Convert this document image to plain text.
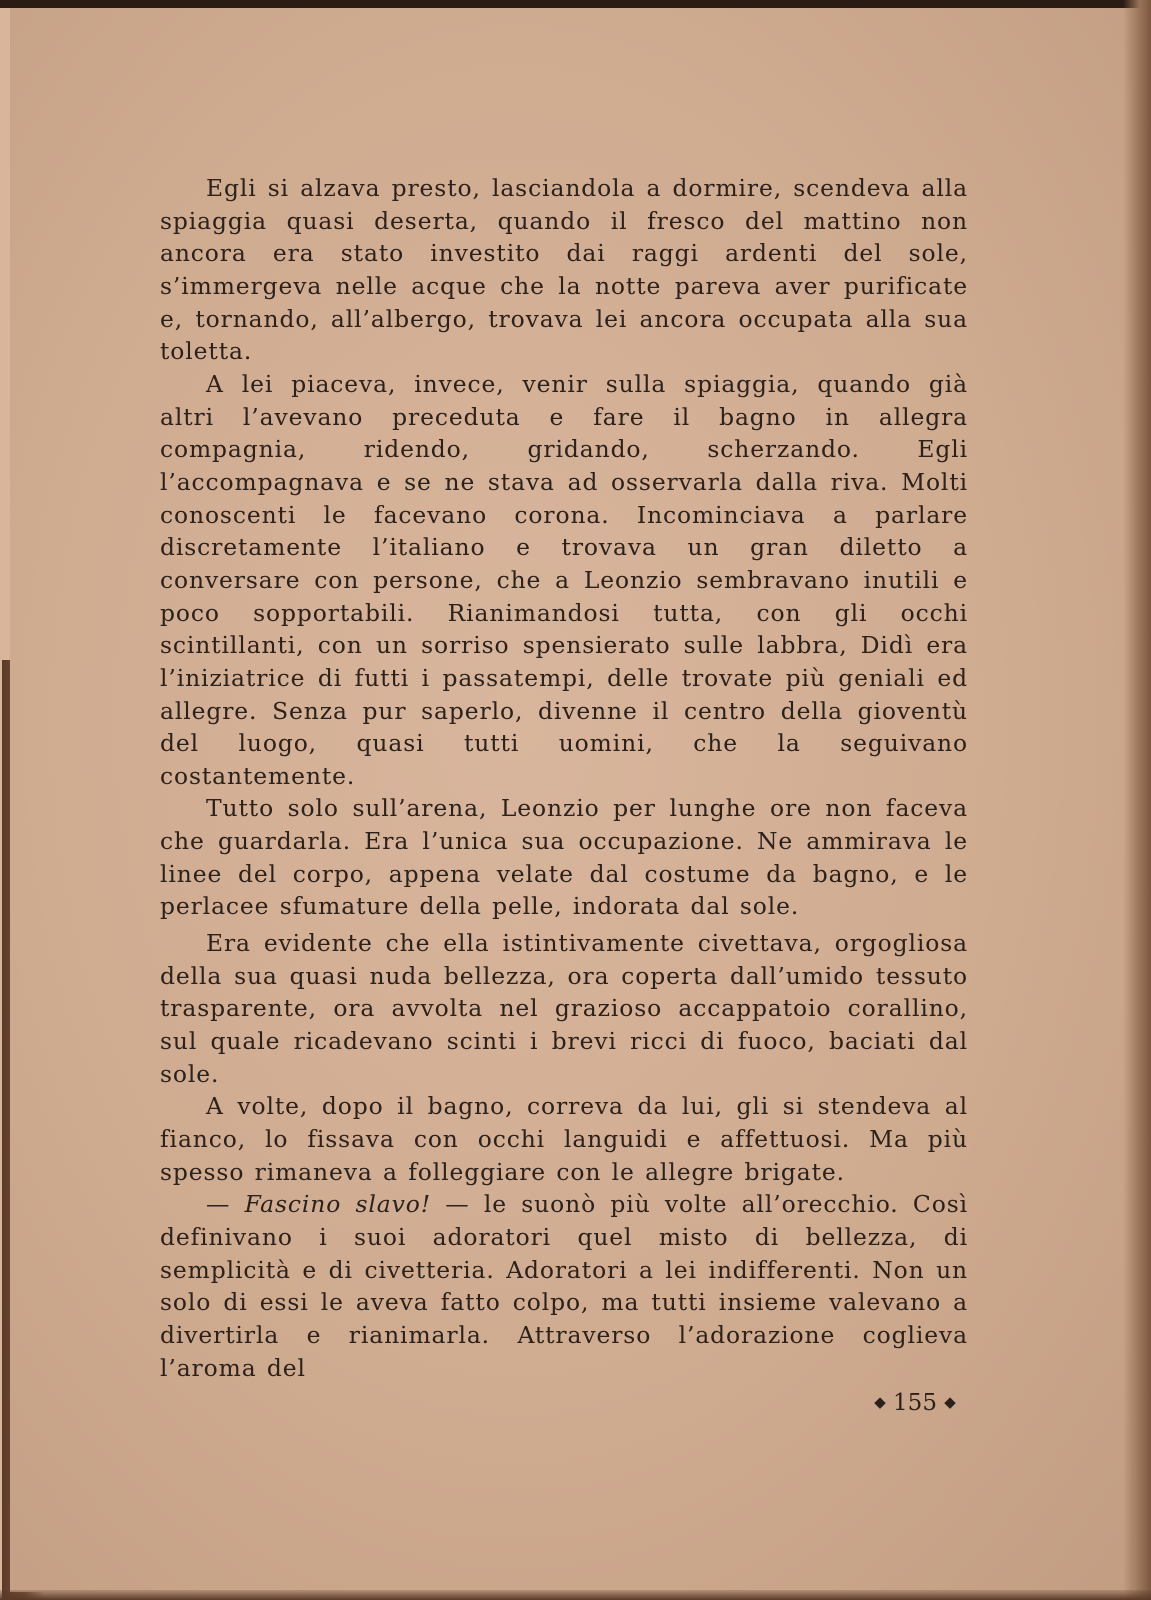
Egli si alzava presto, lasciandola a dormire, scendeva alla spiaggia quasi deserta, quando il fresco del mattino non ancora era stato investito dai raggi ardenti del sole, s’immergeva nelle acque che la notte pareva aver purificate e, tornando, all’albergo, trovava lei ancora occupata alla sua toletta.

A lei piaceva, invece, venir sulla spiaggia, quando già altri l’avevano preceduta e fare il bagno in allegra compagnia, ridendo, gridando, scherzando. Egli l’accompagnava e se ne stava ad osservarla dalla riva. Molti conoscenti le facevano corona. Incominciava a parlare discretamente l’italiano e trovava un gran diletto a conversare con persone, che a Leonzio sembravano inutili e poco sopportabili. Rianimandosi tutta, con gli occhi scintillanti, con un sorriso spensierato sulle labbra, Didì era l’iniziatrice di futti i passatempi, delle trovate più geniali ed allegre. Senza pur saperlo, divenne il centro della gioventù del luogo, quasi tutti uomini, che la seguivano costantemente.

Tutto solo sull’arena, Leonzio per lunghe ore non faceva che guardarla. Era l’unica sua occupazione. Ne ammirava le linee del corpo, appena velate dal costume da bagno, e le perlacee sfumature della pelle, indorata dal sole.

Era evidente che ella istintivamente civettava, orgogliosa della sua quasi nuda bellezza, ora coperta dall’umido tessuto trasparente, ora avvolta nel grazioso accappatoio corallino, sul quale ricadevano scinti i brevi ricci di fuoco, baciati dal sole.

A volte, dopo il bagno, correva da lui, gli si stendeva al fianco, lo fissava con occhi languidi e affettuosi. Ma più spesso rimaneva a folleggiare con le allegre brigate.

— Fascino slavo! — le suonò più volte all’orecchio. Così definivano i suoi adoratori quel misto di bellezza, di semplicità e di civetteria. Adoratori a lei indifferenti. Non un solo di essi le aveva fatto colpo, ma tutti insieme valevano a divertirla e rianimarla. Attraverso l’adorazione coglieva l’aroma del

◆ 155 ◆
